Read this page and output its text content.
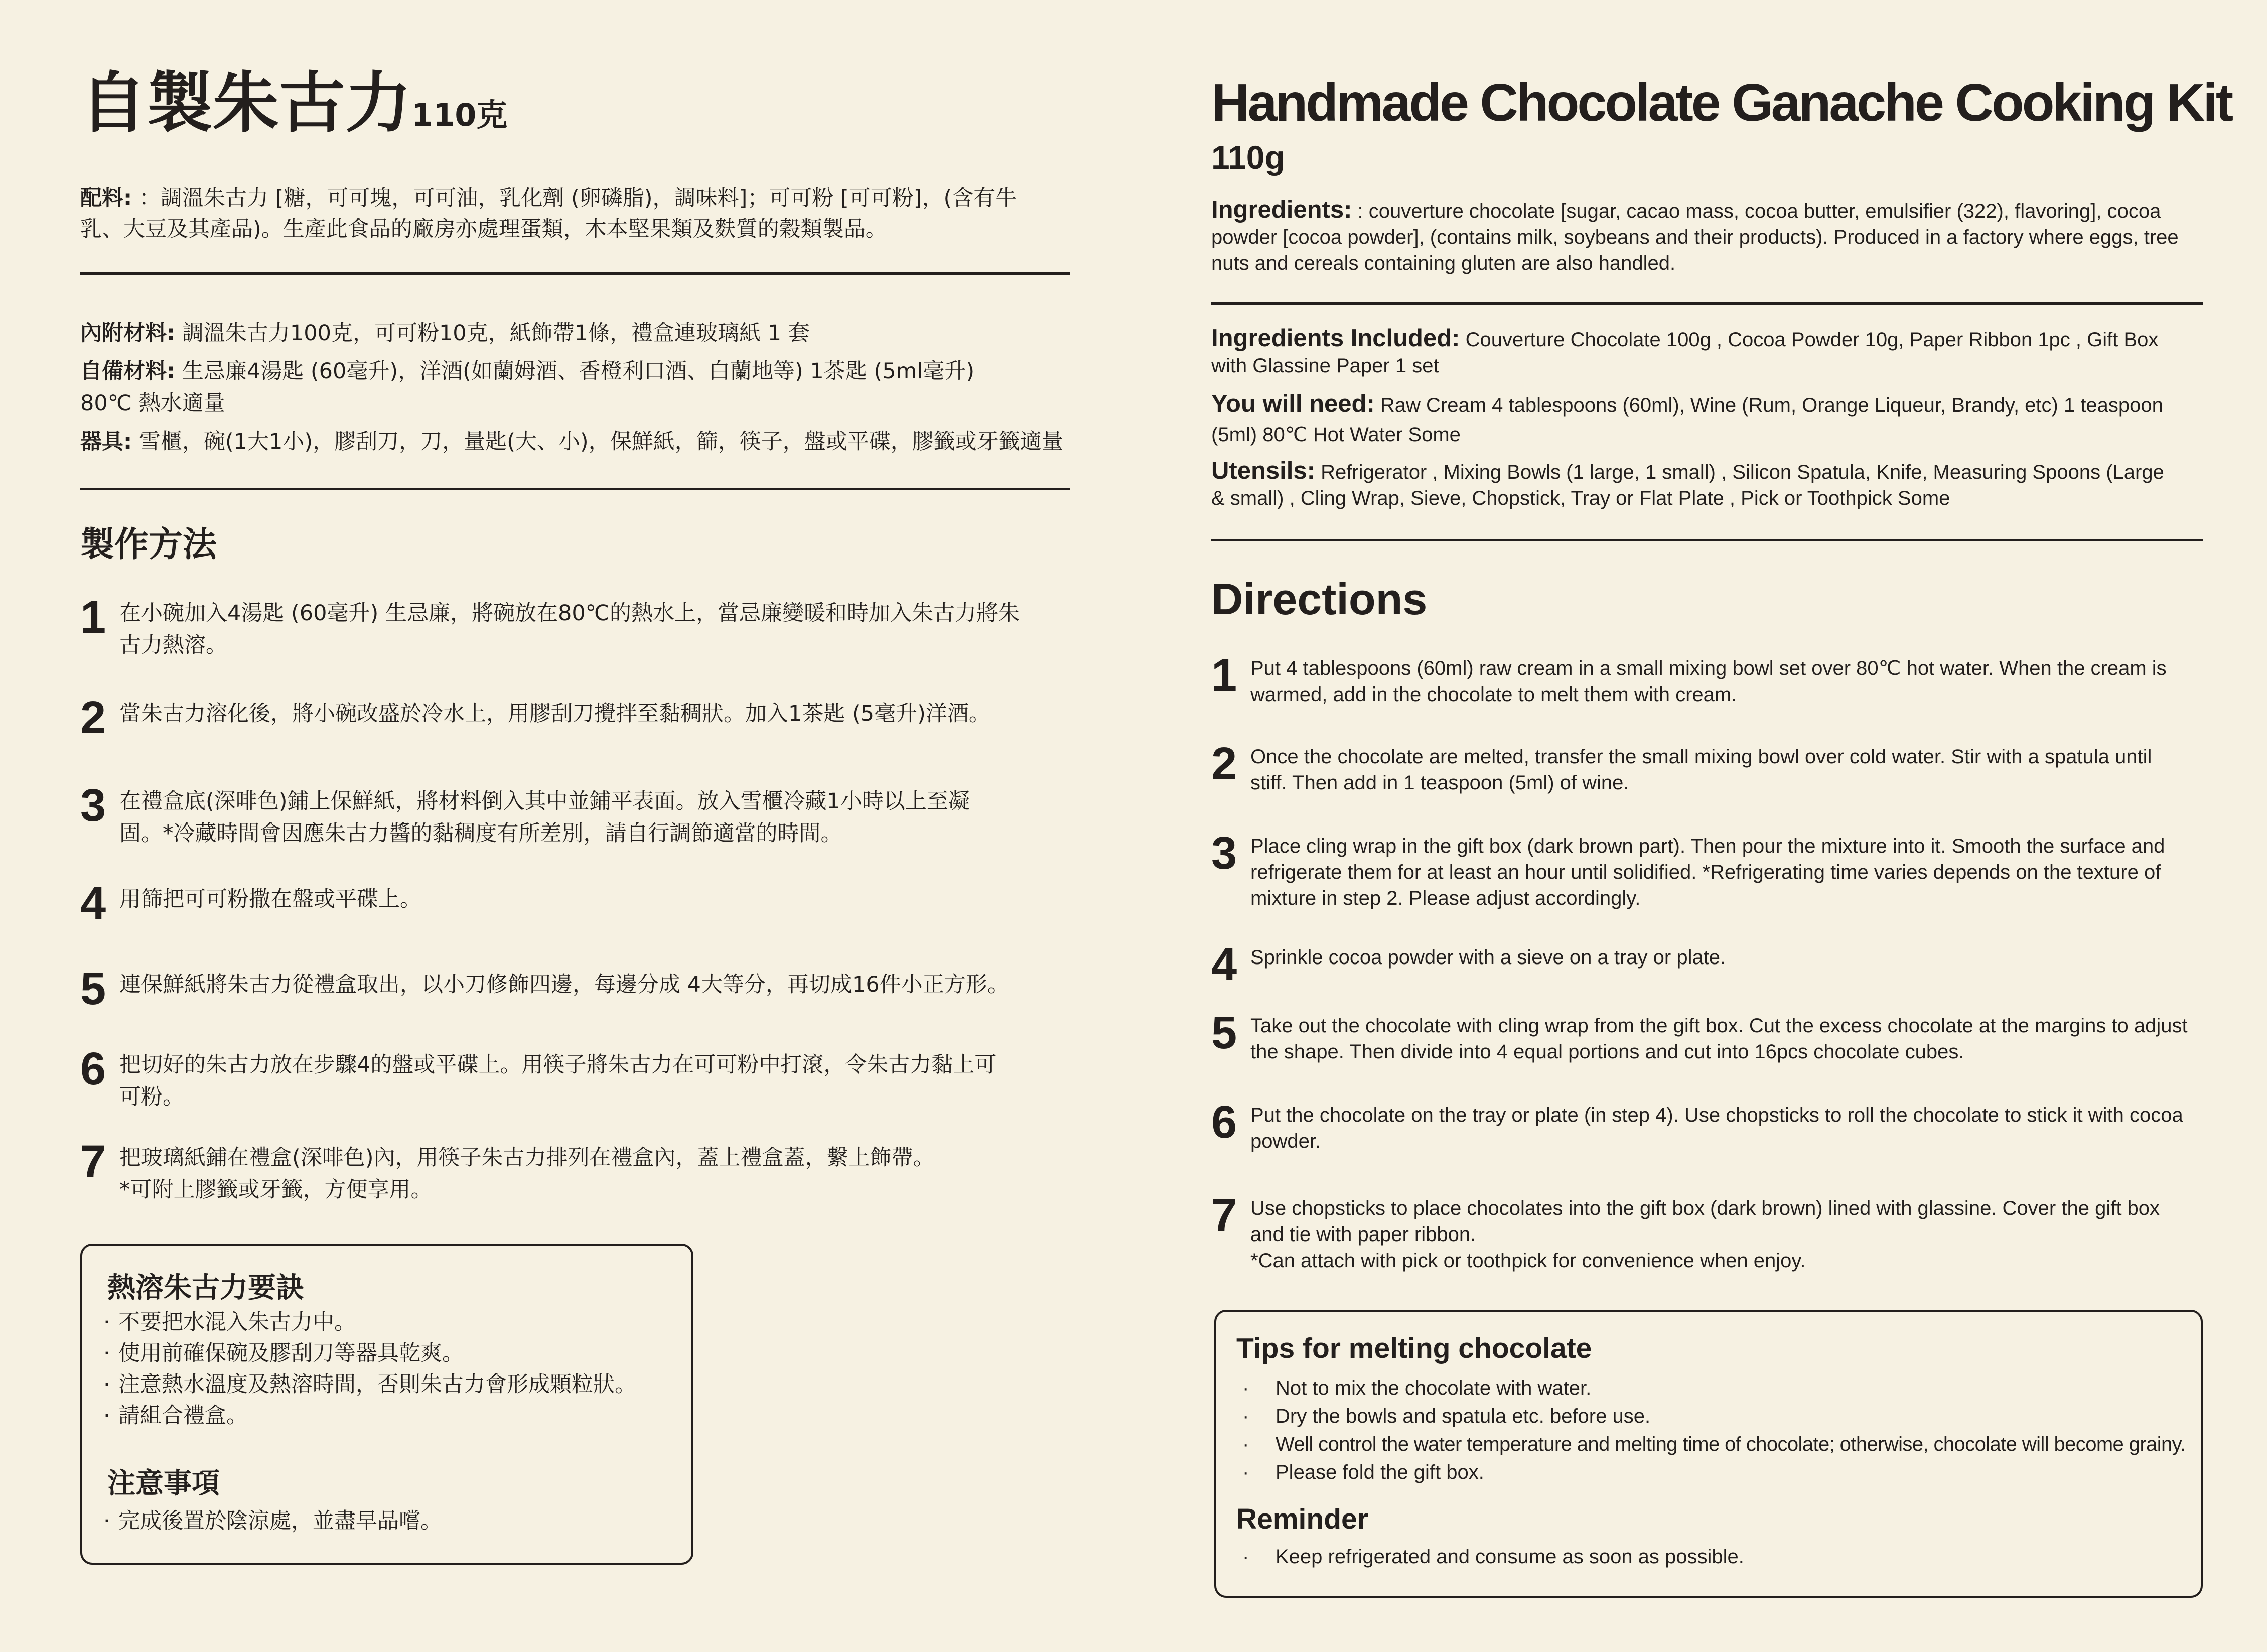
自製朱古力110克
配料: ：調溫朱古力 [糖，可可塊，可可油，乳化劑 (卵磷脂)，調味料]；可可粉 [可可粉]，(含有牛
乳、大豆及其產品)。生產此食品的廠房亦處理蛋類，木本堅果類及麩質的穀類製品。
內附材料: 調溫朱古力100克，可可粉10克，紙飾帶1條，禮盒連玻璃紙 1 套
自備材料: 生忌廉4湯匙 (60毫升)，洋酒(如蘭姆酒、香橙利口酒、白蘭地等) 1茶匙 (5ml毫升)
80℃ 熱水適量
器具: 雪櫃，碗(1大1小)，膠刮刀，刀，量匙(大、小)，保鮮紙，篩，筷子，盤或平碟，膠籤或牙籤適量
製作方法
1 在小碗加入4湯匙 (60毫升) 生忌廉，將碗放在80℃的熱水上，當忌廉變暖和時加入朱古力將朱
古力熱溶。
2 當朱古力溶化後，將小碗改盛於冷水上，用膠刮刀攪拌至黏稠狀。加入1茶匙 (5毫升)洋酒。
3 在禮盒底(深啡色)鋪上保鮮紙，將材料倒入其中並鋪平表面。放入雪櫃冷藏1小時以上至凝
固。*冷藏時間會因應朱古力醬的黏稠度有所差別，請自行調節適當的時間。
4 用篩把可可粉撒在盤或平碟上。
5 連保鮮紙將朱古力從禮盒取出，以小刀修飾四邊，每邊分成 4大等分，再切成16件小正方形。
6 把切好的朱古力放在步驟4的盤或平碟上。用筷子將朱古力在可可粉中打滾，令朱古力黏上可
可粉。
7 把玻璃紙鋪在禮盒(深啡色)內，用筷子朱古力排列在禮盒內，蓋上禮盒蓋，繫上飾帶。
*可附上膠籤或牙籤，方便享用。
熱溶朱古力要訣
· 不要把水混入朱古力中。
· 使用前確保碗及膠刮刀等器具乾爽。
· 注意熱水溫度及熱溶時間，否則朱古力會形成顆粒狀。
· 請組合禮盒。
注意事項
· 完成後置於陰涼處，並盡早品嚐。
Handmade Chocolate Ganache Cooking Kit
110g
Ingredients: : couverture chocolate [sugar, cacao mass, cocoa butter, emulsifier (322), flavoring], cocoa
powder [cocoa powder], (contains milk, soybeans and their products). Produced in a factory where eggs, tree
nuts and cereals containing gluten are also handled.
Ingredients Included: Couverture Chocolate 100g , Cocoa Powder 10g, Paper Ribbon 1pc , Gift Box
with Glassine Paper 1 set
You will need: Raw Cream 4 tablespoons (60ml), Wine (Rum, Orange Liqueur, Brandy, etc) 1 teaspoon
(5ml) 80℃ Hot Water Some
Utensils: Refrigerator , Mixing Bowls (1 large, 1 small) , Silicon Spatula, Knife, Measuring Spoons (Large
& small) , Cling Wrap, Sieve, Chopstick, Tray or Flat Plate , Pick or Toothpick Some
Directions
1 Put 4 tablespoons (60ml) raw cream in a small mixing bowl set over 80℃ hot water. When the cream is
warmed, add in the chocolate to melt them with cream.
2 Once the chocolate are melted, transfer the small mixing bowl over cold water. Stir with a spatula until
stiff. Then add in 1 teaspoon (5ml) of wine.
3 Place cling wrap in the gift box (dark brown part). Then pour the mixture into it. Smooth the surface and
refrigerate them for at least an hour until solidified. *Refrigerating time varies depends on the texture of
mixture in step 2. Please adjust accordingly.
4 Sprinkle cocoa powder with a sieve on a tray or plate.
5 Take out the chocolate with cling wrap from the gift box. Cut the excess chocolate at the margins to adjust
the shape. Then divide into 4 equal portions and cut into 16pcs chocolate cubes.
6 Put the chocolate on the tray or plate (in step 4). Use chopsticks to roll the chocolate to stick it with cocoa
powder.
7 Use chopsticks to place chocolates into the gift box (dark brown) lined with glassine. Cover the gift box
and tie with paper ribbon.
*Can attach with pick or toothpick for convenience when enjoy.
Tips for melting chocolate
· Not to mix the chocolate with water.
· Dry the bowls and spatula etc. before use.
· Well control the water temperature and melting time of chocolate; otherwise, chocolate will become grainy.
· Please fold the gift box.
Reminder
· Keep refrigerated and consume as soon as possible.
